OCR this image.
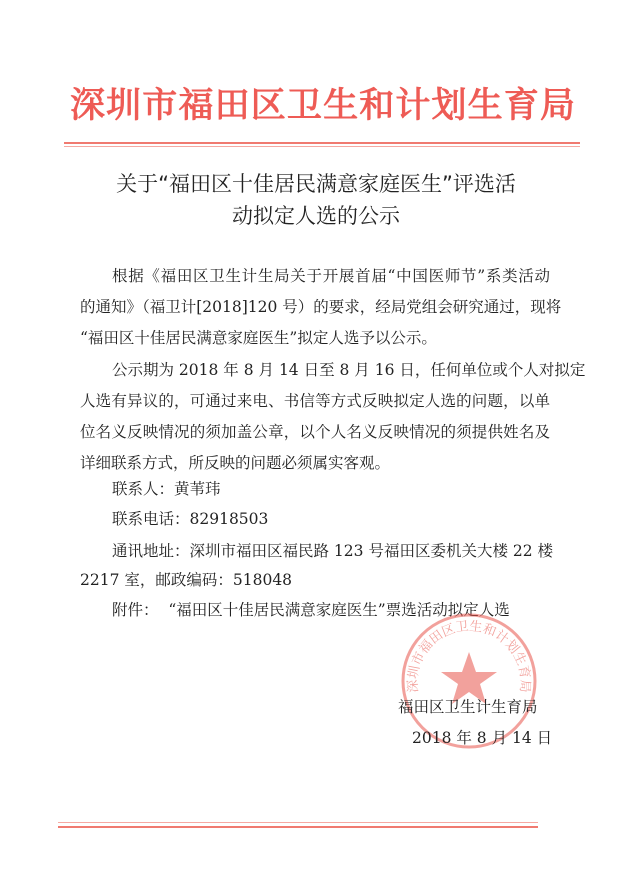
深圳市福田区卫生和计划生育局
关于“福田区十佳居民满意家庭医生”评选活
动拟定人选的公示
根据《福田区卫生计生局关于开展首届“中国医师节”系类活动
的通知》（福卫计[2018]120 号）的要求，经局党组会研究通过，现将
“福田区十佳居民满意家庭医生”拟定人选予以公示。
公示期为 2018 年 8 月 14 日至 8 月 16 日，任何单位或个人对拟定
人选有异议的，可通过来电、书信等方式反映拟定人选的问题，以单
位名义反映情况的须加盖公章，以个人名义反映情况的须提供姓名及
详细联系方式，所反映的问题必须属实客观。
联系人：黄苇玮
联系电话：82918503
通讯地址：深圳市福田区福民路 123 号福田区委机关大楼 22 楼
2217 室，邮政编码：518048
附件：  “福田区十佳居民满意家庭医生”票选活动拟定人选
深圳市福田区卫生和计划生育局
福田区卫生计生育局
2018 年 8 月 14 日
